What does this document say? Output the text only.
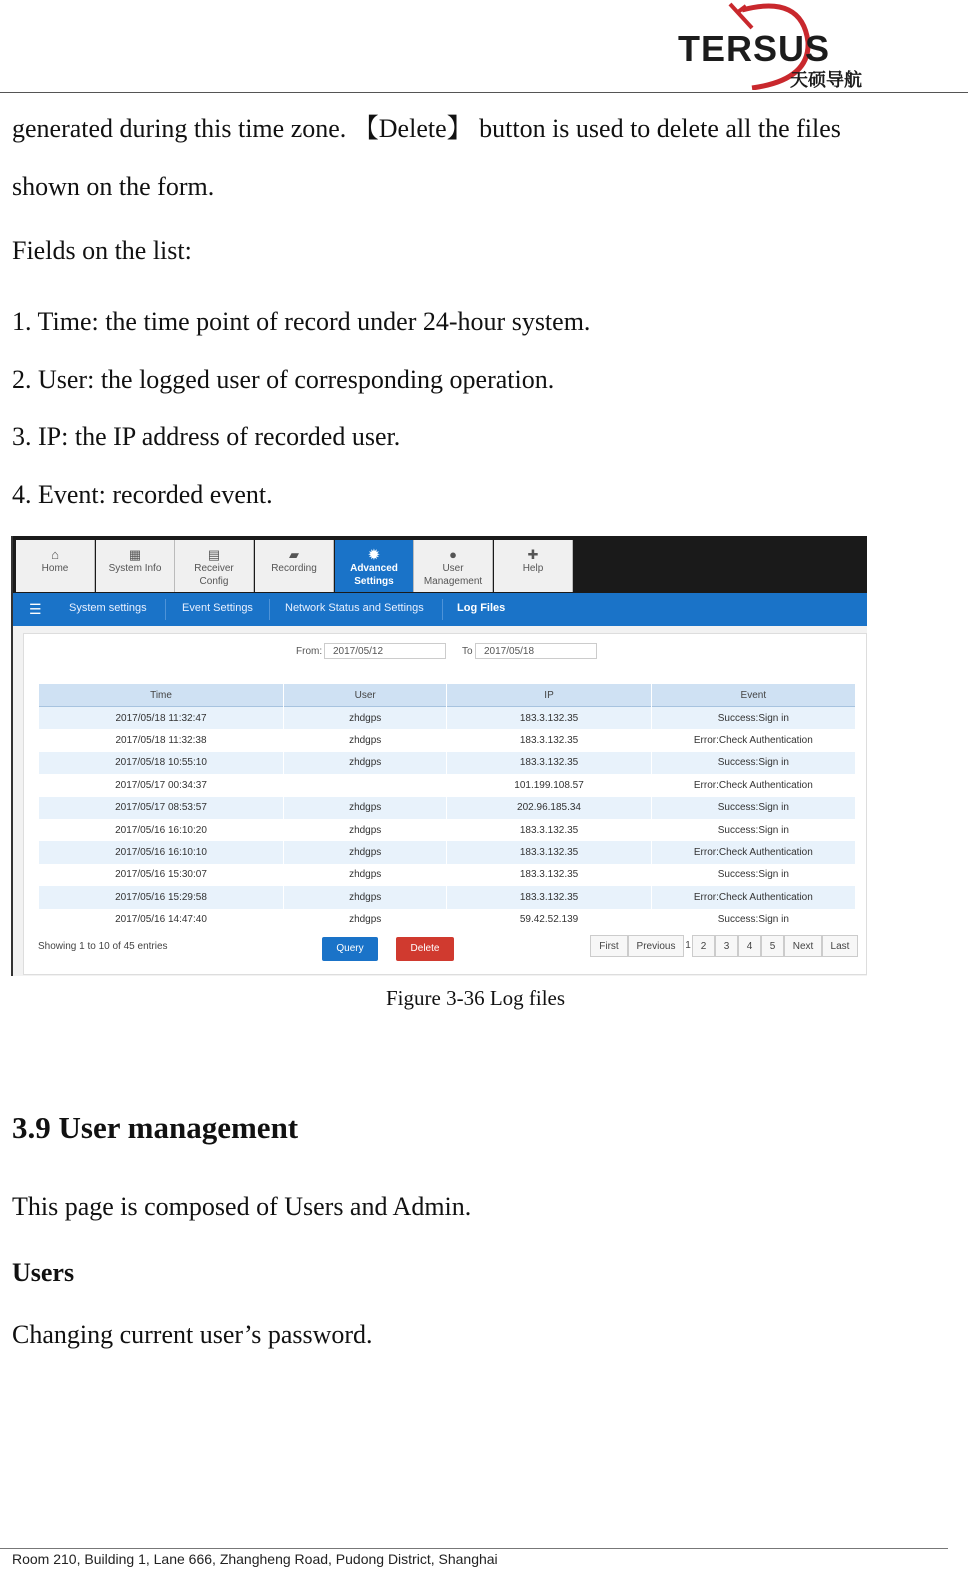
TERSUS
天硕导航
generated during this time zone. 【Delete】 button is used to delete all the files
shown on the form.
Fields on the list:
1. Time: the time point of record under 24-hour system.
2. User: the logged user of corresponding operation.
3. IP: the IP address of recorded user.
4. Event: recorded event.
⌂
Home
▦
System Info
▤
Receiver
Config
▰
Recording
✹
Advanced
Settings
●
User
Management
✚
Help
☰ System settings	Event Settings	Network Status and Settings	Log Files
From:	2017/05/12	To	2017/05/18
Time	User	IP	Event
2017/05/18 11:32:47	zhdgps	183.3.132.35	Success:Sign in
2017/05/18 11:32:38	zhdgps	183.3.132.35	Error:Check Authentication
2017/05/18 10:55:10	zhdgps	183.3.132.35	Success:Sign in
2017/05/17 00:34:37		101.199.108.57	Error:Check Authentication
2017/05/17 08:53:57	zhdgps	202.96.185.34	Success:Sign in
2017/05/16 16:10:20	zhdgps	183.3.132.35	Success:Sign in
2017/05/16 16:10:10	zhdgps	183.3.132.35	Error:Check Authentication
2017/05/16 15:30:07	zhdgps	183.3.132.35	Success:Sign in
2017/05/16 15:29:58	zhdgps	183.3.132.35	Error:Check Authentication
2017/05/16 14:47:40	zhdgps	59.42.52.139	Success:Sign in
Showing 1 to 10 of 45 entries	Query	Delete	First	Previous 1 2	3	4	5	Next	Last
Figure 3-36 Log files
3.9 User management
This page is composed of Users and Admin.
Users
Changing current user’s password.
Room 210, Building 1, Lane 666, Zhangheng Road, Pudong District, Shanghai
